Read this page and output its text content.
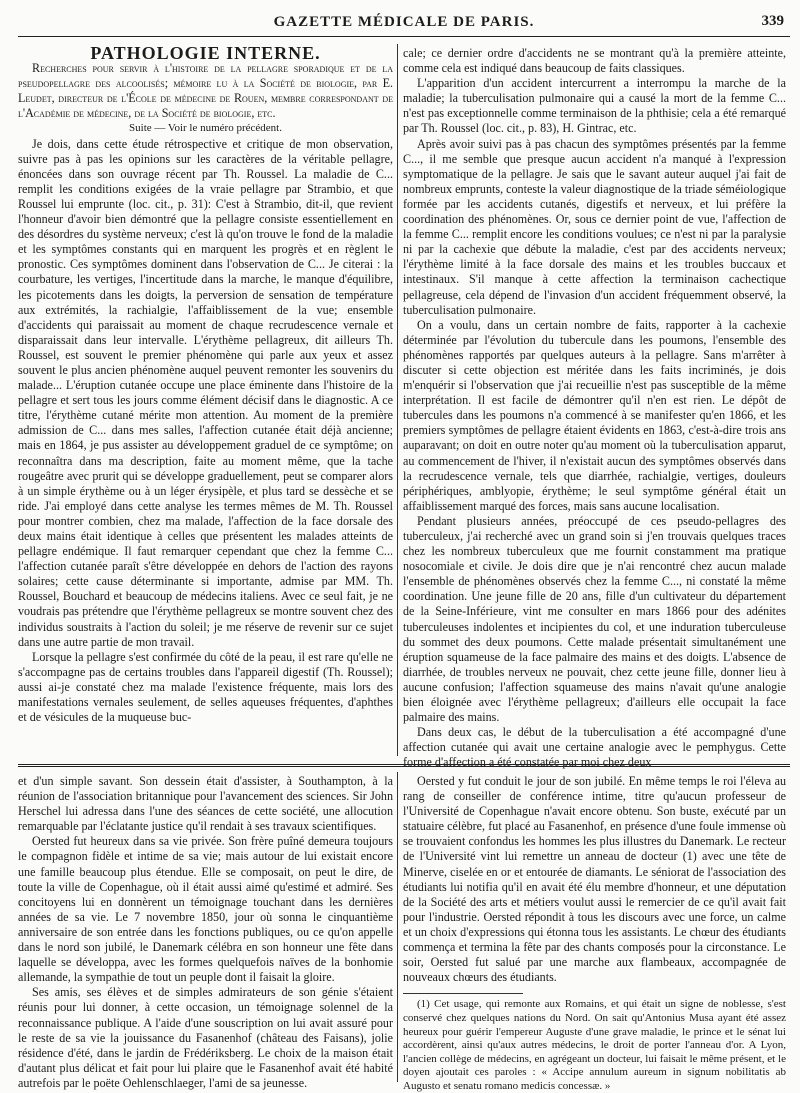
GAZETTE MÉDICALE DE PARIS.	339

PATHOLOGIE INTERNE.

Recherches pour servir à l'histoire de la pellagre sporadique et de la pseudopellagre des alcoolisés; mémoire lu à la Société de biologie, par E. Leudet, directeur de l'École de médecine de Rouen, membre correspondant de l'Académie de médecine, de la Société de biologie, etc.

Suite — Voir le numéro précédent.

Je dois, dans cette étude rétrospective et critique de mon observation, suivre pas à pas les opinions sur les caractères de la véritable pellagre, énoncées dans son ouvrage récent par Th. Roussel. La maladie de C... remplit les conditions exigées de la vraie pellagre par Strambio, et que Roussel lui emprunte (loc. cit., p. 31): C'est à Strambio, dit-il, que revient l'honneur d'avoir bien démontré que la pellagre consiste essentiellement en des désordres du système nerveux; c'est là qu'on trouve le fond de la maladie et les symptômes constants qui en marquent les progrès et en règlent le pronostic. Ces symptômes dominent dans l'observation de C... Je citerai : la courbature, les vertiges, l'incertitude dans la marche, le manque d'équilibre, les picotements dans les doigts, la perversion de sensation de température aux extrémités, la rachialgie, l'affaiblissement de la vue; ensemble d'accidents qui paraissait au moment de chaque recrudescence vernale et disparaissait dans leur intervalle. L'érythème pellagreux, dit ailleurs Th. Roussel, est souvent le premier phénomène qui parle aux yeux et assez souvent le plus ancien phénomène auquel peuvent remonter les souvenirs du malade... L'éruption cutanée occupe une place éminente dans l'histoire de la pellagre et sert tous les jours comme élément décisif dans le diagnostic. A ce titre, l'érythème cutané mérite mon attention. Au moment de la première admission de C... dans mes salles, l'affection cutanée était déjà ancienne; mais en 1864, je pus assister au développement graduel de ce symptôme; on reconnaîtra dans ma description, faite au moment même, que la tache rougeâtre avec prurit qui se développe graduellement, peut se comparer alors à un simple érythème ou à un léger érysipèle, et plus tard se dessèche et se ride. J'ai employé dans cette analyse les termes mêmes de M. Th. Roussel pour montrer combien, chez ma malade, l'affection de la face dorsale des deux mains était identique à celles que présentent les malades atteints de pellagre endémique. Il faut remarquer cependant que chez la femme C... l'affection cutanée paraît s'être développée en dehors de l'action des rayons solaires; cette cause déterminante si importante, admise par MM. Th. Roussel, Bouchard et beaucoup de médecins italiens. Avec ce seul fait, je ne voudrais pas prétendre que l'érythème pellagreux se montre souvent chez des individus soustraits à l'action du soleil; je me réserve de revenir sur ce sujet dans une autre partie de mon travail.

Lorsque la pellagre s'est confirmée du côté de la peau, il est rare qu'elle ne s'accompagne pas de certains troubles dans l'appareil digestif (Th. Roussel); aussi ai-je constaté chez ma malade l'existence fréquente, mais lors des manifestations vernales seulement, de selles aqueuses fréquentes, d'aphthes et de vésicules de la muqueuse buc-

cale; ce dernier ordre d'accidents ne se montrant qu'à la première atteinte, comme cela est indiqué dans beaucoup de faits classiques.

L'apparition d'un accident intercurrent a interrompu la marche de la maladie; la tuberculisation pulmonaire qui a causé la mort de la femme C... n'est pas exceptionnelle comme terminaison de la phthisie; cela a été remarqué par Th. Roussel (loc. cit., p. 83), H. Gintrac, etc.

Après avoir suivi pas à pas chacun des symptômes présentés par la femme C..., il me semble que presque aucun accident n'a manqué à l'expression symptomatique de la pellagre. Je sais que le savant auteur auquel j'ai fait de nombreux emprunts, conteste la valeur diagnostique de la triade séméiologique formée par les accidents cutanés, digestifs et nerveux, et lui préfère la coordination des phénomènes. Or, sous ce dernier point de vue, l'affection de la femme C... remplit encore les conditions voulues; ce n'est ni par la paralysie ni par la cachexie que débute la maladie, c'est par des accidents nerveux; l'érythème limité à la face dorsale des mains et les troubles buccaux et intestinaux. S'il manque à cette affection la terminaison cachectique pellagreuse, cela dépend de l'invasion d'un accident fréquemment observé, la tuberculisation pulmonaire.

On a voulu, dans un certain nombre de faits, rapporter à la cachexie déterminée par l'évolution du tubercule dans les poumons, l'ensemble des phénomènes rapportés par quelques auteurs à la pellagre. Sans m'arrêter à discuter si cette objection est méritée dans les faits incriminés, je dois m'enquérir si l'observation que j'ai recueillie n'est pas susceptible de la même interprétation. Il est facile de démontrer qu'il n'en est rien. Le dépôt de tubercules dans les poumons n'a commencé à se manifester qu'en 1866, et les premiers symptômes de pellagre étaient évidents en 1863, c'est-à-dire trois ans auparavant; on doit en outre noter qu'au moment où la tuberculisation apparut, au commencement de l'hiver, il n'existait aucun des symptômes observés dans la recrudescence vernale, tels que diarrhée, rachialgie, vertiges, douleurs périphériques, amblyopie, érythème; le seul symptôme général était un affaiblissement marqué des forces, mais sans aucune localisation.

Pendant plusieurs années, préoccupé de ces pseudo-pellagres des tuberculeux, j'ai recherché avec un grand soin si j'en trouvais quelques traces chez les nombreux tuberculeux que me fournit constamment ma pratique nosocomiale et civile. Je dois dire que je n'ai rencontré chez aucun malade l'ensemble de phénomènes observés chez la femme C..., ni constaté la même coordination. Une jeune fille de 20 ans, fille d'un cultivateur du département de la Seine-Inférieure, vint me consulter en mars 1866 pour des adénites tuberculeuses indolentes et incipientes du col, et une induration tuberculeuse du sommet des deux poumons. Cette malade présentait simultanément une éruption squameuse de la face palmaire des mains et des doigts. L'absence de diarrhée, de troubles nerveux ne pouvait, chez cette jeune fille, donner lieu à aucune confusion; l'affection squameuse des mains n'avait qu'une analogie bien éloignée avec l'érythème pellagreux; d'ailleurs elle occupait la face palmaire des mains.

Dans deux cas, le début de la tuberculisation a été accompagné d'une affection cutanée qui avait une certaine analogie avec le pemphygus. Cette forme d'affection a été constatée par moi chez deux

et d'un simple savant. Son dessein était d'assister, à Southampton, à la réunion de l'association britannique pour l'avancement des sciences. Sir John Herschel lui adressa dans l'une des séances de cette société, une allocution remarquable par l'éclatante justice qu'il rendait à ses travaux scientifiques.

Oersted fut heureux dans sa vie privée. Son frère puîné demeura toujours le compagnon fidèle et intime de sa vie; mais autour de lui existait encore une famille beaucoup plus étendue. Elle se composait, on peut le dire, de toute la ville de Copenhague, où il était aussi aimé qu'estimé et admiré. Ses concitoyens lui en donnèrent un témoignage touchant dans les dernières années de sa vie. Le 7 novembre 1850, jour où sonna le cinquantième anniversaire de son entrée dans les fonctions publiques, ou ce qu'on appelle dans le nord son jubilé, le Danemark célébra en son honneur une fête dans laquelle se développa, avec les formes quelquefois naïves de la bonhomie allemande, la sympathie de tout un peuple dont il faisait la gloire.

Ses amis, ses élèves et de simples admirateurs de son génie s'étaient réunis pour lui donner, à cette occasion, un témoignage solennel de la reconnaissance publique. A l'aide d'une souscription on lui avait assuré pour le reste de sa vie la jouissance du Fasanenhof (château des Faisans), jolie résidence d'été, dans le jardin de Frédériksberg. Le choix de la maison était d'autant plus délicat et fait pour lui plaire que le Fasanenhof avait été habité autrefois par le poëte Oehlenschlaeger, l'ami de sa jeunesse.

Oersted y fut conduit le jour de son jubilé. En même temps le roi l'éleva au rang de conseiller de conférence intime, titre qu'aucun professeur de l'Université de Copenhague n'avait encore obtenu. Son buste, exécuté par un statuaire célèbre, fut placé au Fasanenhof, en présence d'une foule immense où se trouvaient confondus les hommes les plus illustres du Danemark. Le recteur de l'Université vint lui remettre un anneau de docteur (1) avec une tête de Minerve, ciselée en or et entourée de diamants. Le séniorat de l'association des étudiants lui notifia qu'il en avait été élu membre d'honneur, et une députation de la Société des arts et métiers voulut aussi le remercier de ce qu'il avait fait pour l'industrie. Oersted répondit à tous les discours avec une force, un calme et un choix d'expressions qui étonna tous les assistants. Le chœur des étudiants commença et termina la fête par des chants composés pour la circonstance. Le soir, Oersted fut salué par une marche aux flambeaux, accompagnée de nouveaux chœurs des étudiants.

(1) Cet usage, qui remonte aux Romains, et qui était un signe de noblesse, s'est conservé chez quelques nations du Nord. On sait qu'Antonius Musa ayant été assez heureux pour guérir l'empereur Auguste d'une grave maladie, le prince et le sénat lui accordèrent, ainsi qu'aux autres médecins, le droit de porter l'anneau d'or. A Lyon, l'ancien collège de médecins, en agrégeant un docteur, lui faisait le même présent, et le doyen ajoutait ces paroles : « Accipe annulum aureum in signum nobilitatis ab Augusto et senatu romano medicis concessæ. »
